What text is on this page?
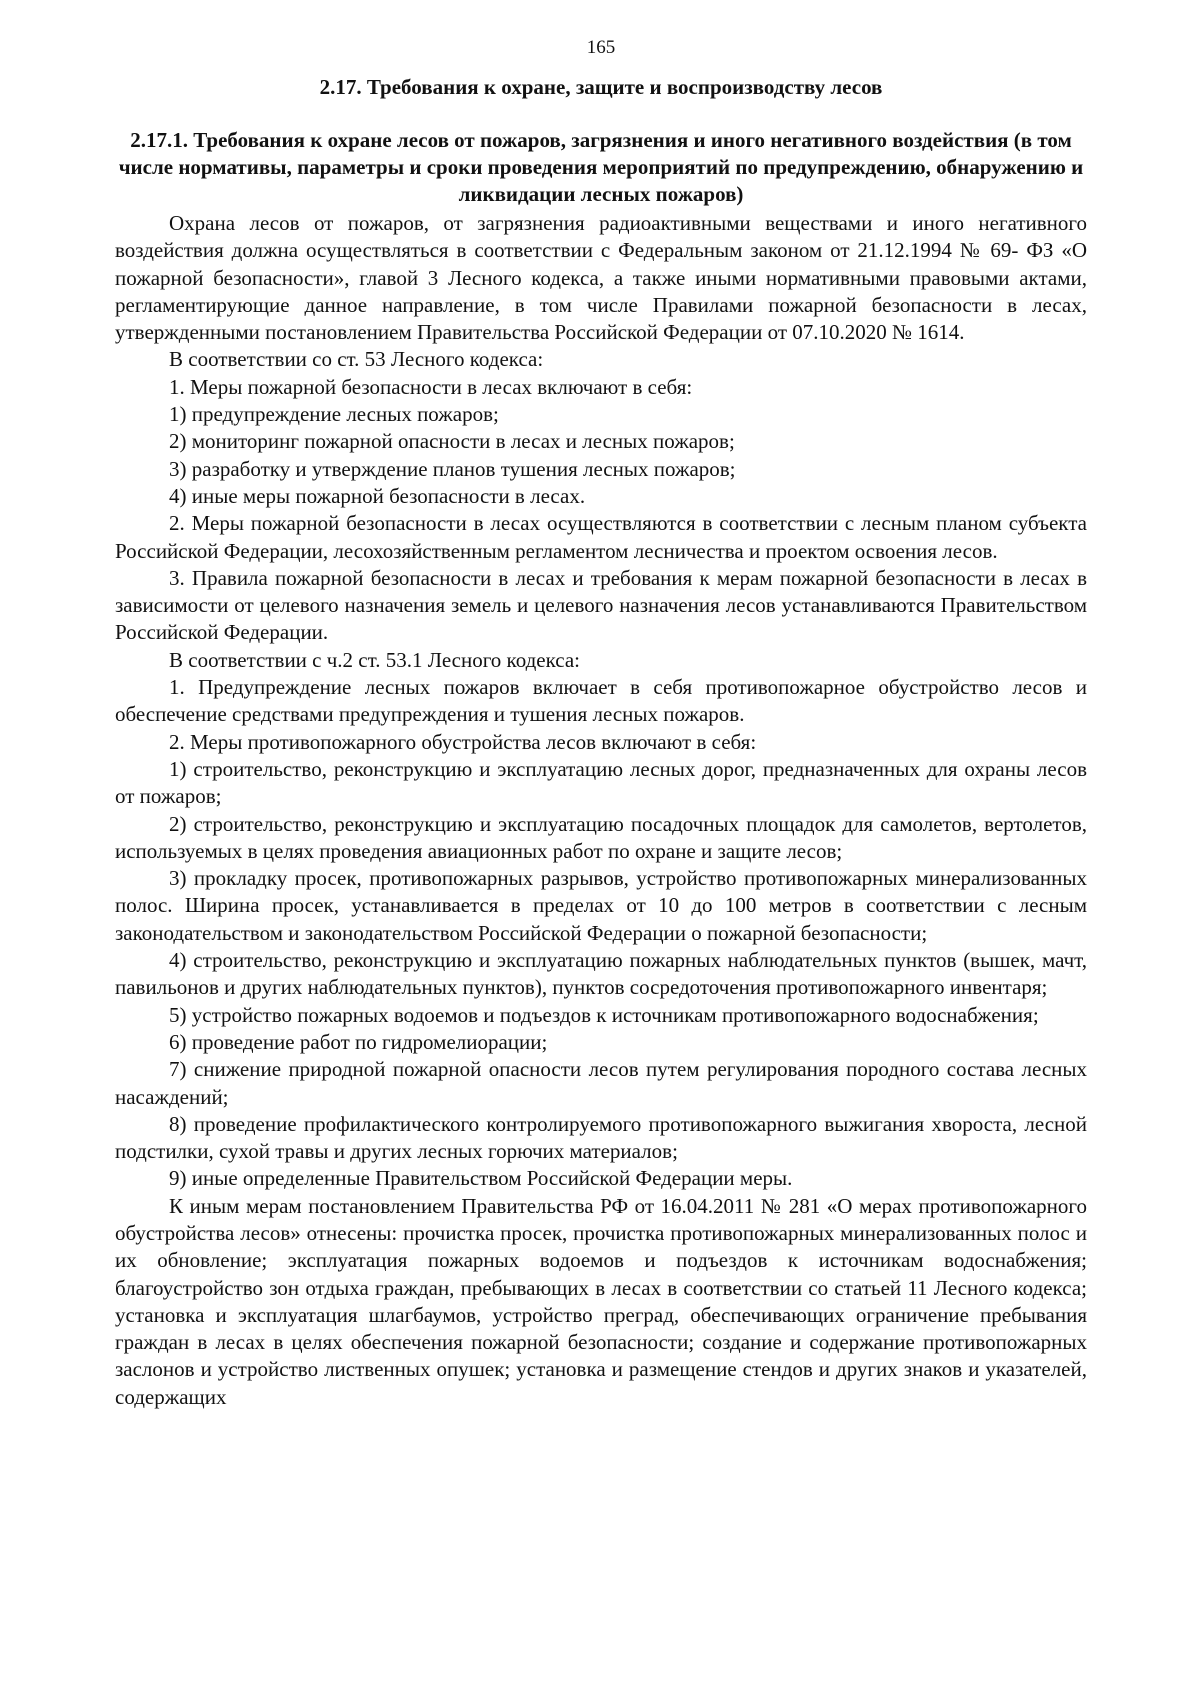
165
2.17. Требования к охране, защите и воспроизводству лесов
2.17.1. Требования к охране лесов от пожаров, загрязнения и иного негативного воздействия (в том числе нормативы, параметры и сроки проведения мероприятий по предупреждению, обнаружению и ликвидации лесных пожаров)

Охрана лесов от пожаров, от загрязнения радиоактивными веществами и иного негативного воздействия должна осуществляться в соответствии с Федеральным законом от 21.12.1994 № 69- ФЗ «О пожарной безопасности», главой 3 Лесного кодекса, а также иными нормативными правовыми актами, регламентирующие данное направление, в том числе Правилами пожарной безопасности в лесах, утвержденными постановлением Правительства Российской Федерации от 07.10.2020 № 1614.

В соответствии со ст. 53 Лесного кодекса:

1. Меры пожарной безопасности в лесах включают в себя:

1) предупреждение лесных пожаров;

2) мониторинг пожарной опасности в лесах и лесных пожаров;

3) разработку и утверждение планов тушения лесных пожаров;

4) иные меры пожарной безопасности в лесах.

2. Меры пожарной безопасности в лесах осуществляются в соответствии с лесным планом субъекта Российской Федерации, лесохозяйственным регламентом лесничества и проектом освоения лесов.

3. Правила пожарной безопасности в лесах и требования к мерам пожарной безопасности в лесах в зависимости от целевого назначения земель и целевого назначения лесов устанавливаются Правительством Российской Федерации.

В соответствии с ч.2 ст. 53.1 Лесного кодекса:

1. Предупреждение лесных пожаров включает в себя противопожарное обустройство лесов и обеспечение средствами предупреждения и тушения лесных пожаров.

2. Меры противопожарного обустройства лесов включают в себя:

1) строительство, реконструкцию и эксплуатацию лесных дорог, предназначенных для охраны лесов от пожаров;

2) строительство, реконструкцию и эксплуатацию посадочных площадок для самолетов, вертолетов, используемых в целях проведения авиационных работ по охране и защите лесов;

3) прокладку просек, противопожарных разрывов, устройство противопожарных минерализованных полос. Ширина просек, устанавливается в пределах от 10 до 100 метров в соответствии с лесным законодательством и законодательством Российской Федерации о пожарной безопасности;

4) строительство, реконструкцию и эксплуатацию пожарных наблюдательных пунктов (вышек, мачт, павильонов и других наблюдательных пунктов), пунктов сосредоточения противопожарного инвентаря;

5) устройство пожарных водоемов и подъездов к источникам противопожарного водоснабжения;

6) проведение работ по гидромелиорации;

7) снижение природной пожарной опасности лесов путем регулирования породного состава лесных насаждений;

8) проведение профилактического контролируемого противопожарного выжигания хвороста, лесной подстилки, сухой травы и других лесных горючих материалов;

9) иные определенные Правительством Российской Федерации меры.

К иным мерам постановлением Правительства РФ от 16.04.2011 № 281 «О мерах противопожарного обустройства лесов» отнесены: прочистка просек, прочистка противопожарных минерализованных полос и их обновление; эксплуатация пожарных водоемов и подъездов к источникам водоснабжения; благоустройство зон отдыха граждан, пребывающих в лесах в соответствии со статьей 11 Лесного кодекса; установка и эксплуатация шлагбаумов, устройство преград, обеспечивающих ограничение пребывания граждан в лесах в целях обеспечения пожарной безопасности; создание и содержание противопожарных заслонов и устройство лиственных опушек; установка и размещение стендов и других знаков и указателей, содержащих
